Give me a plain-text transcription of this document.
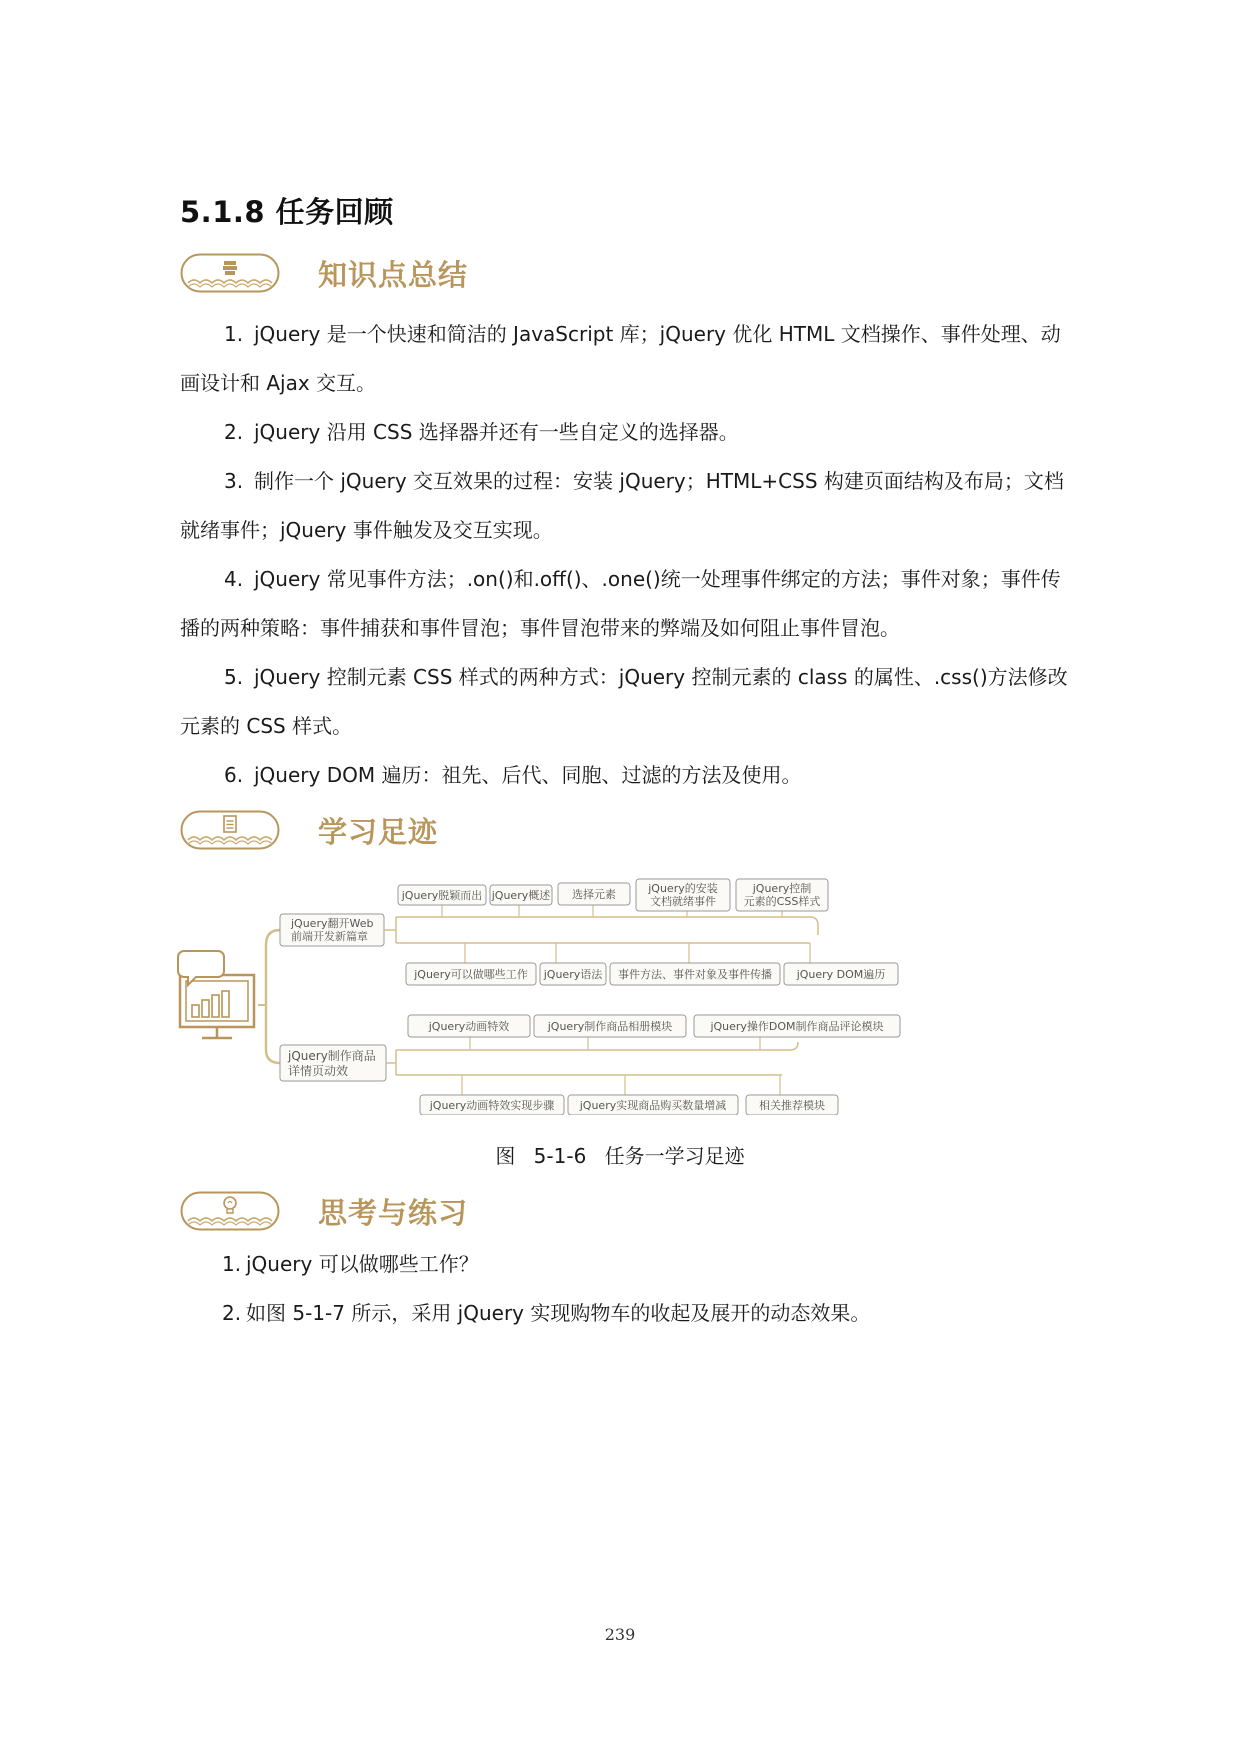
5.1.8 任务回顾
知识点总结

1. jQuery 是一个快速和简洁的 JavaScript 库；jQuery 优化 HTML 文档操作、事件处理、动画设计和 Ajax 交互。

2. jQuery 沿用 CSS 选择器并还有一些自定义的选择器。

3. 制作一个 jQuery 交互效果的过程：安装 jQuery；HTML+CSS 构建页面结构及布局；文档就绪事件；jQuery 事件触发及交互实现。

4. jQuery 常见事件方法；.on()和.off()、.one()统一处理事件绑定的方法；事件对象；事件传播的两种策略：事件捕获和事件冒泡；事件冒泡带来的弊端及如何阻止事件冒泡。

5. jQuery 控制元素 CSS 样式的两种方式：jQuery 控制元素的 class 的属性、.css()方法修改元素的 CSS 样式。

6. jQuery DOM 遍历：祖先、后代、同胞、过滤的方法及使用。

学习足迹
jQuery翻开Web
前端开发新篇章
jQuery脱颖而出 jQuery概述 选择元素	jQuery的安装
文档就绪事件
jQuery控制
元素的CSS样式
jQuery可以做哪些工作 jQuery语法 事件方法、事件对象及事件传播 jQuery DOM遍历
jQuery制作商品
详情页动效
jQuery动画特效	jQuery制作商品相册模块	jQuery操作DOM制作商品评论模块
jQuery动画特效实现步骤 jQuery实现商品购买数量增减	相关推荐模块
图 5-1-6 任务一学习足迹
思考与练习

1. jQuery 可以做哪些工作？

2. 如图 5-1-7 所示，采用 jQuery 实现购物车的收起及展开的动态效果。

239
